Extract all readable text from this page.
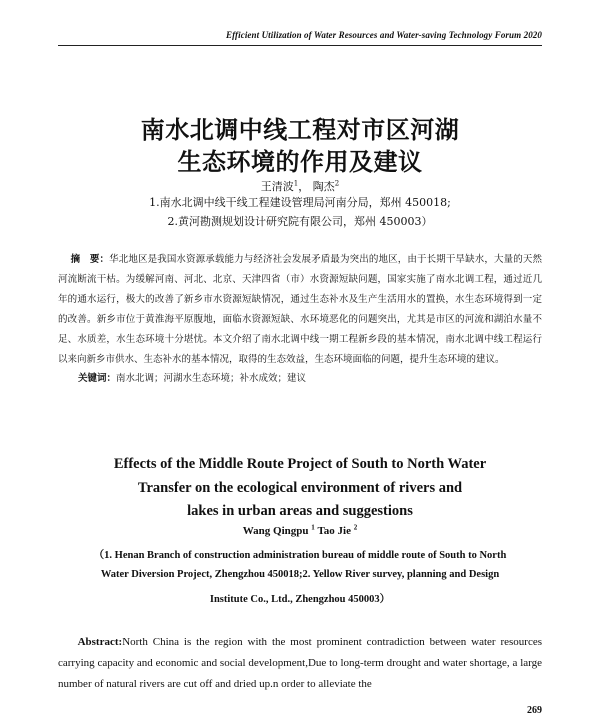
Efficient Utilization of Water Resources and Water-saving Technology Forum 2020
南水北调中线工程对市区河湖
生态环境的作用及建议
王清波$^1$， 陶杰$^2$
1.南水北调中线干线工程建设管理局河南分局，郑州 450018;
2.黄河勘测规划设计研究院有限公司，郑州 450003）
摘　要：华北地区是我国水资源承载能力与经济社会发展矛盾最为突出的地区，由于长期干旱缺水，大量的天然河流断流干枯。为缓解河南、河北、北京、天津四省（市）水资源短缺问题，国家实施了南水北调工程，通过近几年的通水运行，极大的改善了新乡市水资源短缺情况，通过生态补水及生产生活用水的置换，水生态环境得到一定的改善。新乡市位于黄淮海平原腹地，面临水资源短缺、水环境恶化的问题突出，尤其是市区的河流和湖泊水量不足、水质差，水生态环境十分堪忧。本文介绍了南水北调中线一期工程新乡段的基本情况，南水北调中线工程运行以来向新乡市供水、生态补水的基本情况，取得的生态效益，生态环境面临的问题，提升生态环境的建议。
关键词：南水北调；河湖水生态环境；补水成效；建议
Effects of the Middle Route Project of South to North Water
Transfer on the ecological environment of rivers and
lakes in urban areas and suggestions
Wang Qingpu $^1$ Tao Jie $^2$
（1. Henan Branch of construction administration bureau of middle route of South to North
Water Diversion Project, Zhengzhou 450018;2. Yellow River survey, planning and Design
Institute Co., Ltd., Zhengzhou 450003）
Abstract:North China is the region with the most prominent contradiction between water resources carrying capacity and economic and social development,Due to long-term drought and water shortage, a large number of natural rivers are cut off and dried up.n order to alleviate the
269
